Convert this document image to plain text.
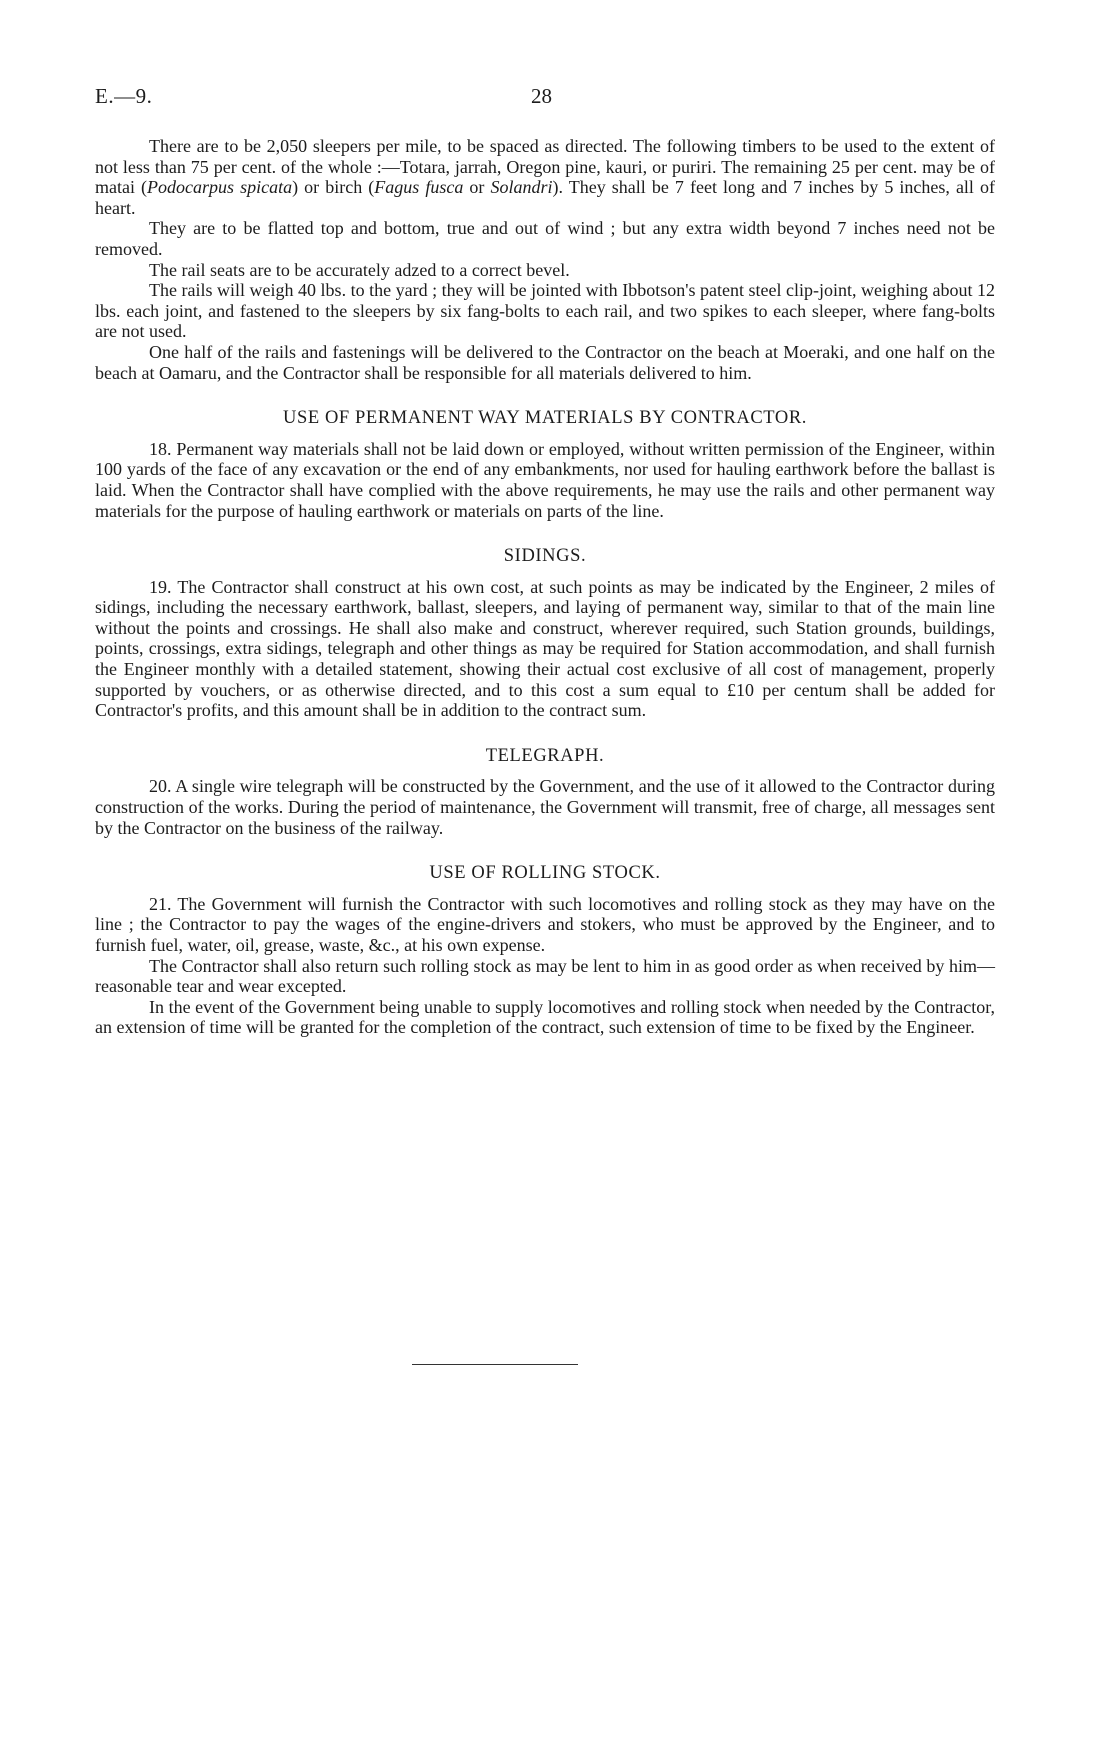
E.—9.	28

There are to be 2,050 sleepers per mile, to be spaced as directed. The following timbers to be used to the extent of not less than 75 per cent. of the whole :—Totara, jarrah, Oregon pine, kauri, or puriri. The remaining 25 per cent. may be of matai (Podocarpus spicata) or birch (Fagus fusca or Solandri). They shall be 7 feet long and 7 inches by 5 inches, all of heart.

They are to be flatted top and bottom, true and out of wind ; but any extra width beyond 7 inches need not be removed.

The rail seats are to be accurately adzed to a correct bevel.

The rails will weigh 40 lbs. to the yard ; they will be jointed with Ibbotson's patent steel clip-joint, weighing about 12 lbs. each joint, and fastened to the sleepers by six fang-bolts to each rail, and two spikes to each sleeper, where fang-bolts are not used.

One half of the rails and fastenings will be delivered to the Contractor on the beach at Moeraki, and one half on the beach at Oamaru, and the Contractor shall be responsible for all materials delivered to him.

USE OF PERMANENT WAY MATERIALS BY CONTRACTOR.

18. Permanent way materials shall not be laid down or employed, without written permission of the Engineer, within 100 yards of the face of any excavation or the end of any embankments, nor used for hauling earthwork before the ballast is laid. When the Contractor shall have complied with the above requirements, he may use the rails and other permanent way materials for the purpose of hauling earthwork or materials on parts of the line.

SIDINGS.

19. The Contractor shall construct at his own cost, at such points as may be indicated by the Engineer, 2 miles of sidings, including the necessary earthwork, ballast, sleepers, and laying of permanent way, similar to that of the main line without the points and crossings. He shall also make and construct, wherever required, such Station grounds, buildings, points, crossings, extra sidings, telegraph and other things as may be required for Station accommodation, and shall furnish the Engineer monthly with a detailed statement, showing their actual cost exclusive of all cost of management, properly supported by vouchers, or as otherwise directed, and to this cost a sum equal to £10 per centum shall be added for Contractor's profits, and this amount shall be in addition to the contract sum.

TELEGRAPH.

20. A single wire telegraph will be constructed by the Government, and the use of it allowed to the Contractor during construction of the works. During the period of maintenance, the Government will transmit, free of charge, all messages sent by the Contractor on the business of the railway.

USE OF ROLLING STOCK.

21. The Government will furnish the Contractor with such locomotives and rolling stock as they may have on the line ; the Contractor to pay the wages of the engine-drivers and stokers, who must be approved by the Engineer, and to furnish fuel, water, oil, grease, waste, &c., at his own expense.

The Contractor shall also return such rolling stock as may be lent to him in as good order as when received by him—reasonable tear and wear excepted.

In the event of the Government being unable to supply locomotives and rolling stock when needed by the Contractor, an extension of time will be granted for the completion of the contract, such extension of time to be fixed by the Engineer.
